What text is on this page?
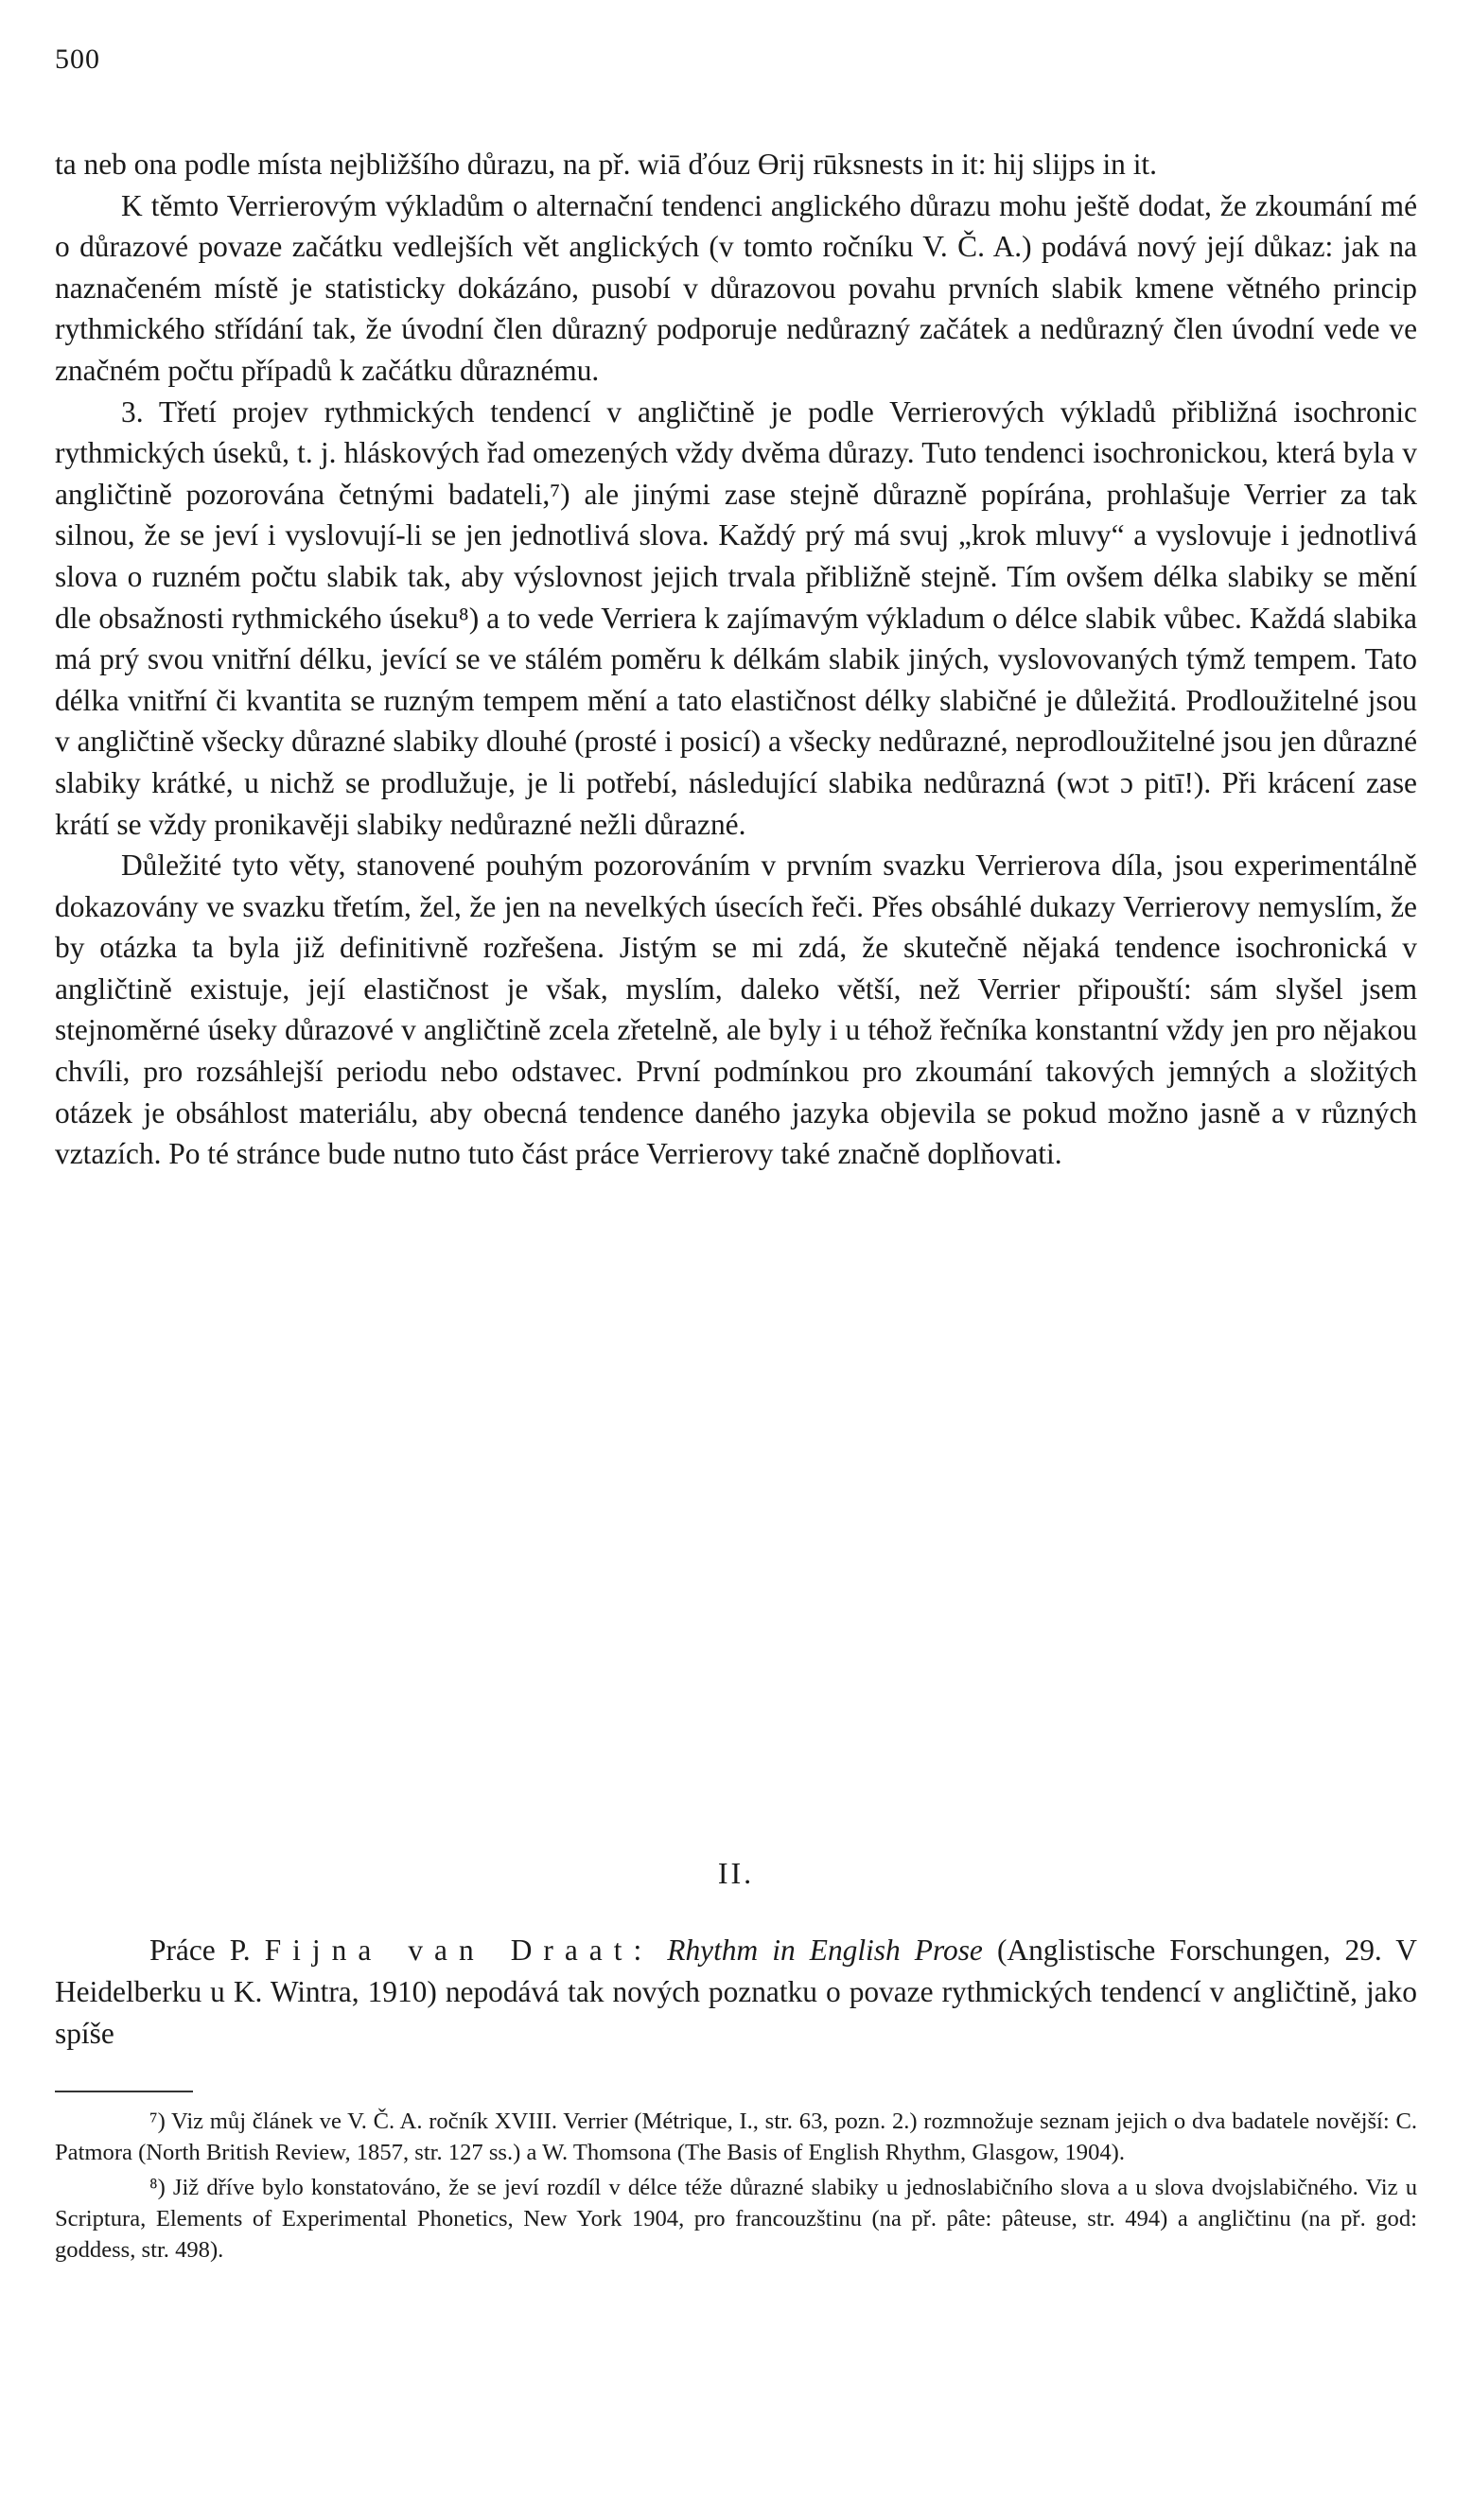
500

ta neb ona podle místa nejbližšího důrazu, na př. wiā ďóuz Ɵrij rūksnests in it: hij slijps in it.

K těmto Verrierovým výkladům o alternační tendenci anglického důrazu mohu ještě dodat, že zkoumání mé o důrazové povaze začátku vedlejších vět anglických (v tomto ročníku V. Č. A.) podává nový její důkaz: jak na naznačeném místě je statisticky dokázáno, pusobí v důrazovou povahu prvních slabik kmene větného princip rythmického střídání tak, že úvodní člen důrazný podporuje nedůrazný začátek a nedůrazný člen úvodní vede ve značném počtu případů k začátku důraznému.

3. Třetí projev rythmických tendencí v angličtině je podle Verrierových výkladů přibližná isochronic rythmických úseků, t. j. hláskových řad omezených vždy dvěma důrazy. Tuto tendenci isochronickou, která byla v angličtině pozorována četnými badateli,⁷) ale jinými zase stejně důrazně popírána, prohlašuje Verrier za tak silnou, že se jeví i vyslovují-li se jen jednotlivá slova. Každý prý má svuj „krok mluvy“ a vyslovuje i jednotlivá slova o ruzném počtu slabik tak, aby výslovnost jejich trvala přibližně stejně. Tím ovšem délka slabiky se mění dle obsažnosti rythmického úseku⁸) a to vede Verriera k zajímavým výkladum o délce slabik vůbec. Každá slabika má prý svou vnitřní délku, jevící se ve stálém poměru k délkám slabik jiných, vyslovovaných týmž tempem. Tato délka vnitřní či kvantita se ruzným tempem mění a tato elastičnost délky slabičné je důležitá. Prodloužitelné jsou v angličtině všecky důrazné slabiky dlouhé (prosté i posicí) a všecky nedůrazné, neprodloužitelné jsou jen důrazné slabiky krátké, u nichž se prodlužuje, je li potřebí, následující slabika nedůrazná (wɔt ɔ pitī!). Při krácení zase krátí se vždy pronikavěji slabiky nedůrazné nežli důrazné.

Důležité tyto věty, stanovené pouhým pozorováním v prvním svazku Verrierova díla, jsou experimentálně dokazovány ve svazku třetím, žel, že jen na nevelkých úsecích řeči. Přes obsáhlé dukazy Verrierovy nemyslím, že by otázka ta byla již definitivně rozřešena. Jistým se mi zdá, že skutečně nějaká tendence isochronická v angličtině existuje, její elastičnost je však, myslím, daleko větší, než Verrier připouští: sám slyšel jsem stejnoměrné úseky důrazové v angličtině zcela zřetelně, ale byly i u téhož řečníka konstantní vždy jen pro nějakou chvíli, pro rozsáhlejší periodu nebo odstavec. První podmínkou pro zkoumání takových jemných a složitých otázek je obsáhlost materiálu, aby obecná tendence daného jazyka objevila se pokud možno jasně a v různých vztazích. Po té stránce bude nutno tuto část práce Verrierovy také značně doplňovati.

II.

Práce P. Fijna van Draat: Rhythm in English Prose (Anglistische Forschungen, 29. V Heidelberku u K. Wintra, 1910) nepodává tak nových poznatku o povaze rythmických tendencí v angličtině, jako spíše

⁷) Viz můj článek ve V. Č. A. ročník XVIII. Verrier (Métrique, I., str. 63, pozn. 2.) rozmnožuje seznam jejich o dva badatele novější: C. Patmora (North British Review, 1857, str. 127 ss.) a W. Thomsona (The Basis of English Rhythm, Glasgow, 1904).

⁸) Již dříve bylo konstatováno, že se jeví rozdíl v délce téže důrazné slabiky u jednoslabičního slova a u slova dvojslabičného. Viz u Scriptura, Elements of Experimental Phonetics, New York 1904, pro francouzštinu (na př. pâte: pâteuse, str. 494) a angličtinu (na př. god: goddess, str. 498).
